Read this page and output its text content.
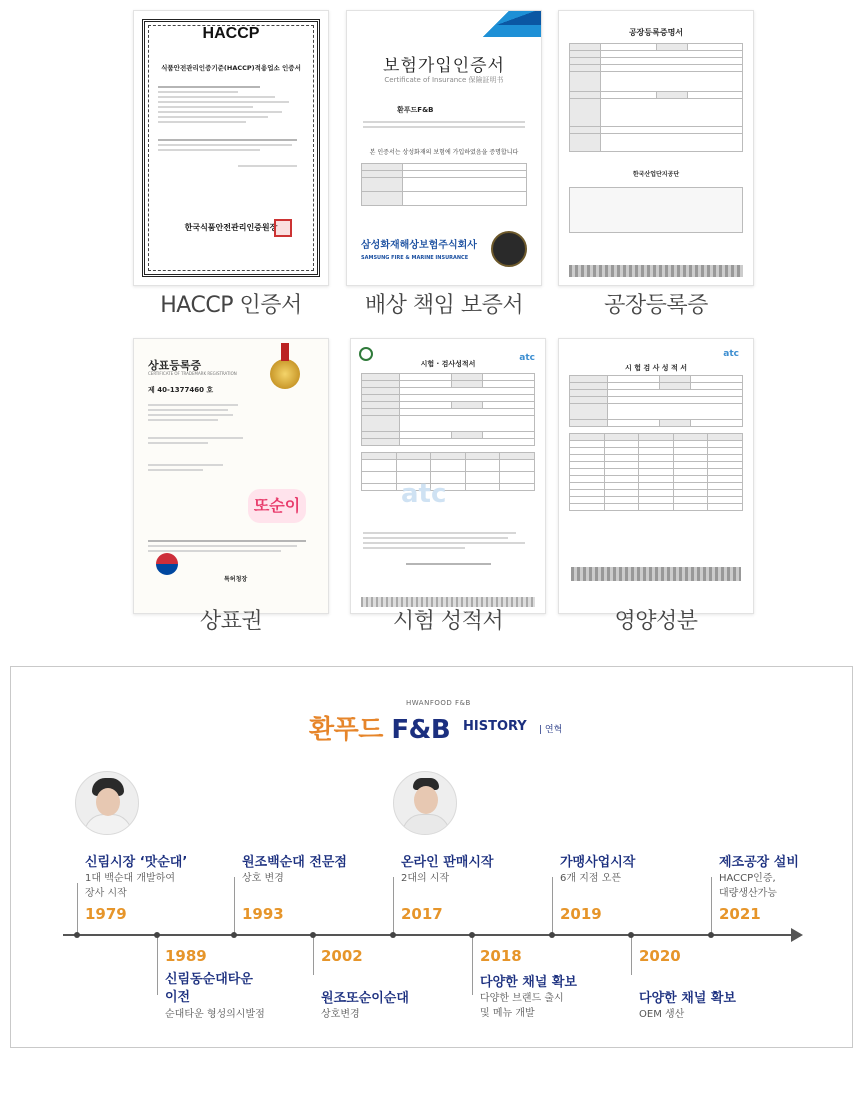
HACCP
식품안전관리인증기준(HACCP)적용업소 인증서
한국식품안전관리인증원장
HACCP 인증서
보험가입인증서
Certificate of Insurance 保險証明书
환푸드F&B
본 인증서는 상성화재의 보험에 가입하였음을 증명합니다

삼성화재해상보험주식회사
SAMSUNG FIRE & MARINE INSURANCE
배상 책임 보증서
공장등록증명서

한국산업단지공단
공장등록증
상표등록증
CERTIFICATE OF TRADEMARK REGISTRATION
제 40-1377460 호
또순이
특허청장
상표권
atc
시험 · 검사성적서

atc
시험 성적서
atc
시 험 검 사 성 적 서

영양성분
HWANFOOD F&B
환푸드 F&B HISTORY | 연혁
신림시장 ‘맛순대’
1대 백순대 개발하여
장사 시작
1979
원조백순대 전문점
상호 변경
1993
온라인 판매시작
2대의 시작
2017
가맹사업시작
6개 지점 오픈
2019
제조공장 설비
HACCP인증,
대량생산가능
2021
1989
신림동순대타운
이전
순대타운 형성의시발점
2002
원조또순이순대
상호변경
2018
다양한 채널 확보
다양한 브랜드 출시
및 메뉴 개발
2020
다양한 채널 확보
OEM 생산
